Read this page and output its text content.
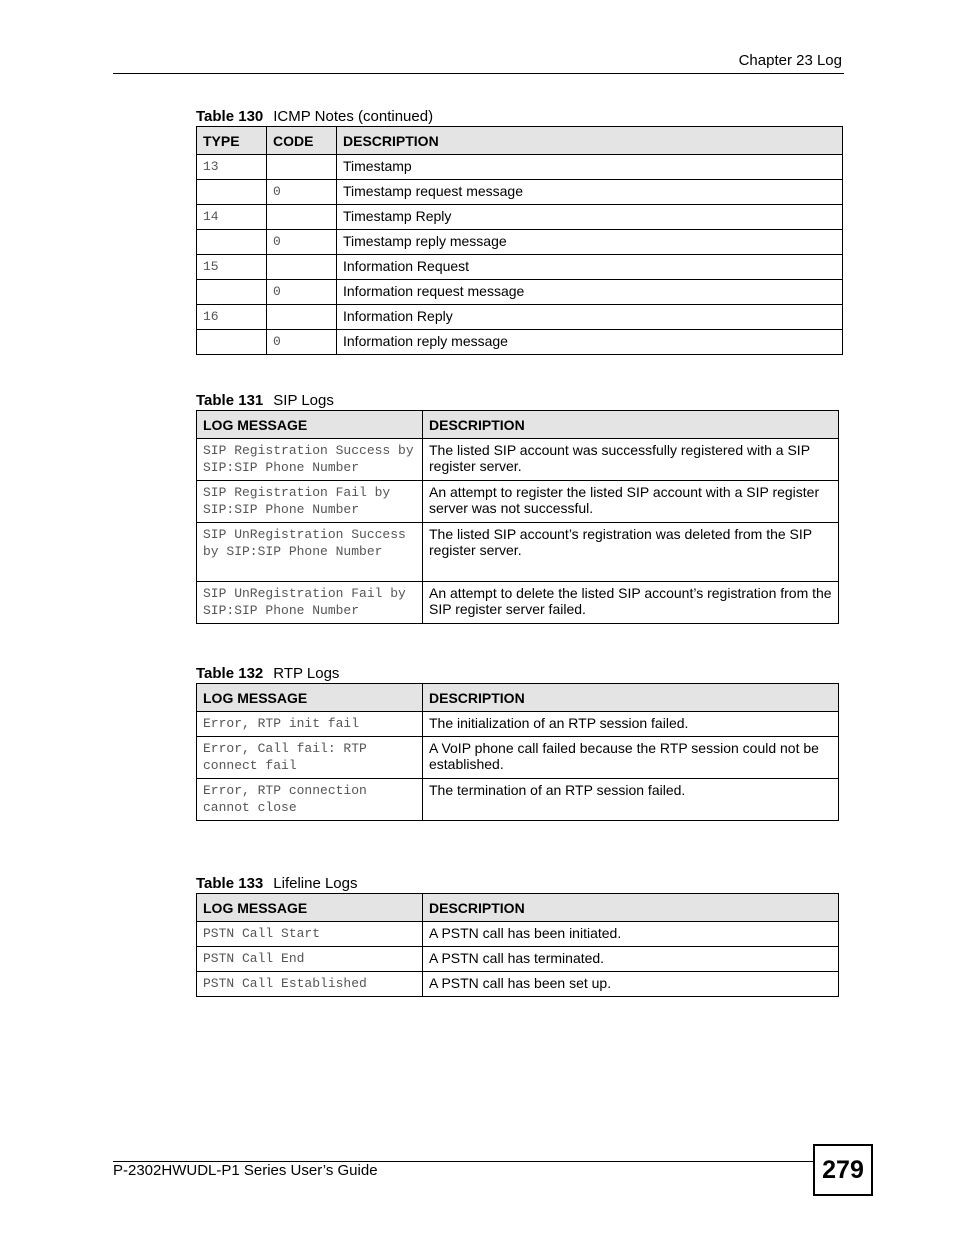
Chapter 23 Log
Table 130 ICMP Notes (continued)
TYPE	CODE	DESCRIPTION
13		Timestamp
	0	Timestamp request message
14		Timestamp Reply
	0	Timestamp reply message
15		Information Request
	0	Information request message
16		Information Reply
	0	Information reply message
Table 131 SIP Logs
LOG MESSAGE	DESCRIPTION
SIP Registration Success by SIP:SIP Phone Number	The listed SIP account was successfully registered with a SIP register server.
SIP Registration Fail by SIP:SIP Phone Number	An attempt to register the listed SIP account with a SIP register server was not successful.
SIP UnRegistration Success by SIP:SIP Phone Number	The listed SIP account’s registration was deleted from the SIP register server.
SIP UnRegistration Fail by SIP:SIP Phone Number	An attempt to delete the listed SIP account’s registration from the SIP register server failed.
Table 132 RTP Logs
LOG MESSAGE	DESCRIPTION
Error, RTP init fail	The initialization of an RTP session failed.
Error, Call fail: RTP connect fail	A VoIP phone call failed because the RTP session could not be established.
Error, RTP connection cannot close	The termination of an RTP session failed.
Table 133 Lifeline Logs
LOG MESSAGE	DESCRIPTION
PSTN Call Start	A PSTN call has been initiated.
PSTN Call End	A PSTN call has terminated.
PSTN Call Established	A PSTN call has been set up.
P-2302HWUDL-P1 Series User’s Guide	279
